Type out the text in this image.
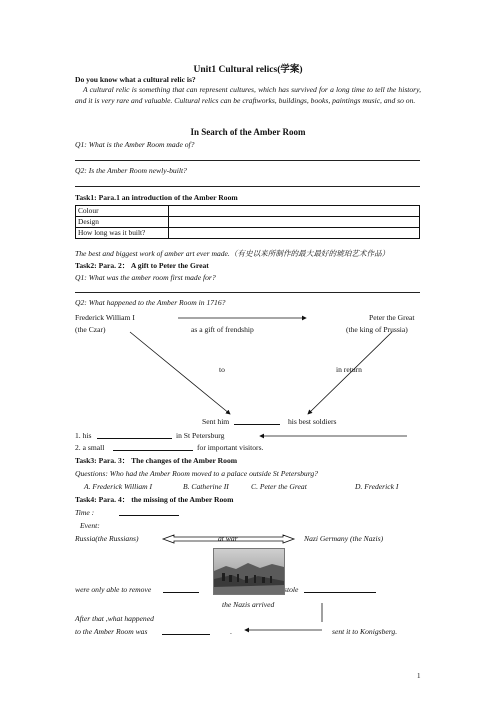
Unit1 Cultural relics(学案)
Do you know what a cultural relic is?
A cultural relic is something that can represent cultures, which has survived for a long time to tell the history, and it is very rare and valuable. Cultural relics can be craftworks, buildings, books, paintings music, and so on.
In Search of the Amber Room
Q1: What is the Amber Room made of?
Q2: Is the Amber Room newly-built?
Task1: Para.1 an introduction of the Amber Room
Colour	
Design	
How long was it built?	
The best and biggest work of amber art ever made.（有史以来所制作的最大最好的琥珀艺术作品）
Task2: Para. 2： A gift to Peter the Great
Q1: What was the amber room first made for?
Q2: What happened to the Amber Room in 1716?
Frederick William I	Peter the Great
(the Czar)	as a gift of frendship	(the king of Prussia)
to	in return
Sent him	his best soldiers
1. his	in St Petersburg
2. a small	for important visitors.
Task3: Para. 3： The changes of the Amber Room
Questions: Who had the Amber Room moved to a palace outside St Petersburg?
A. Frederick William I	B. Catherine II	C. Peter the Great	D. Frederick I
Task4: Para. 4： the missing of the Amber Room
Time :
Event:
Russia(the Russians)	at war	Nazi Germany (the Nazis)
were only able to remove	stole
the Nazis arrived
After that ,what happened
to the Amber Room was	.	sent it to Konigsberg.
1
